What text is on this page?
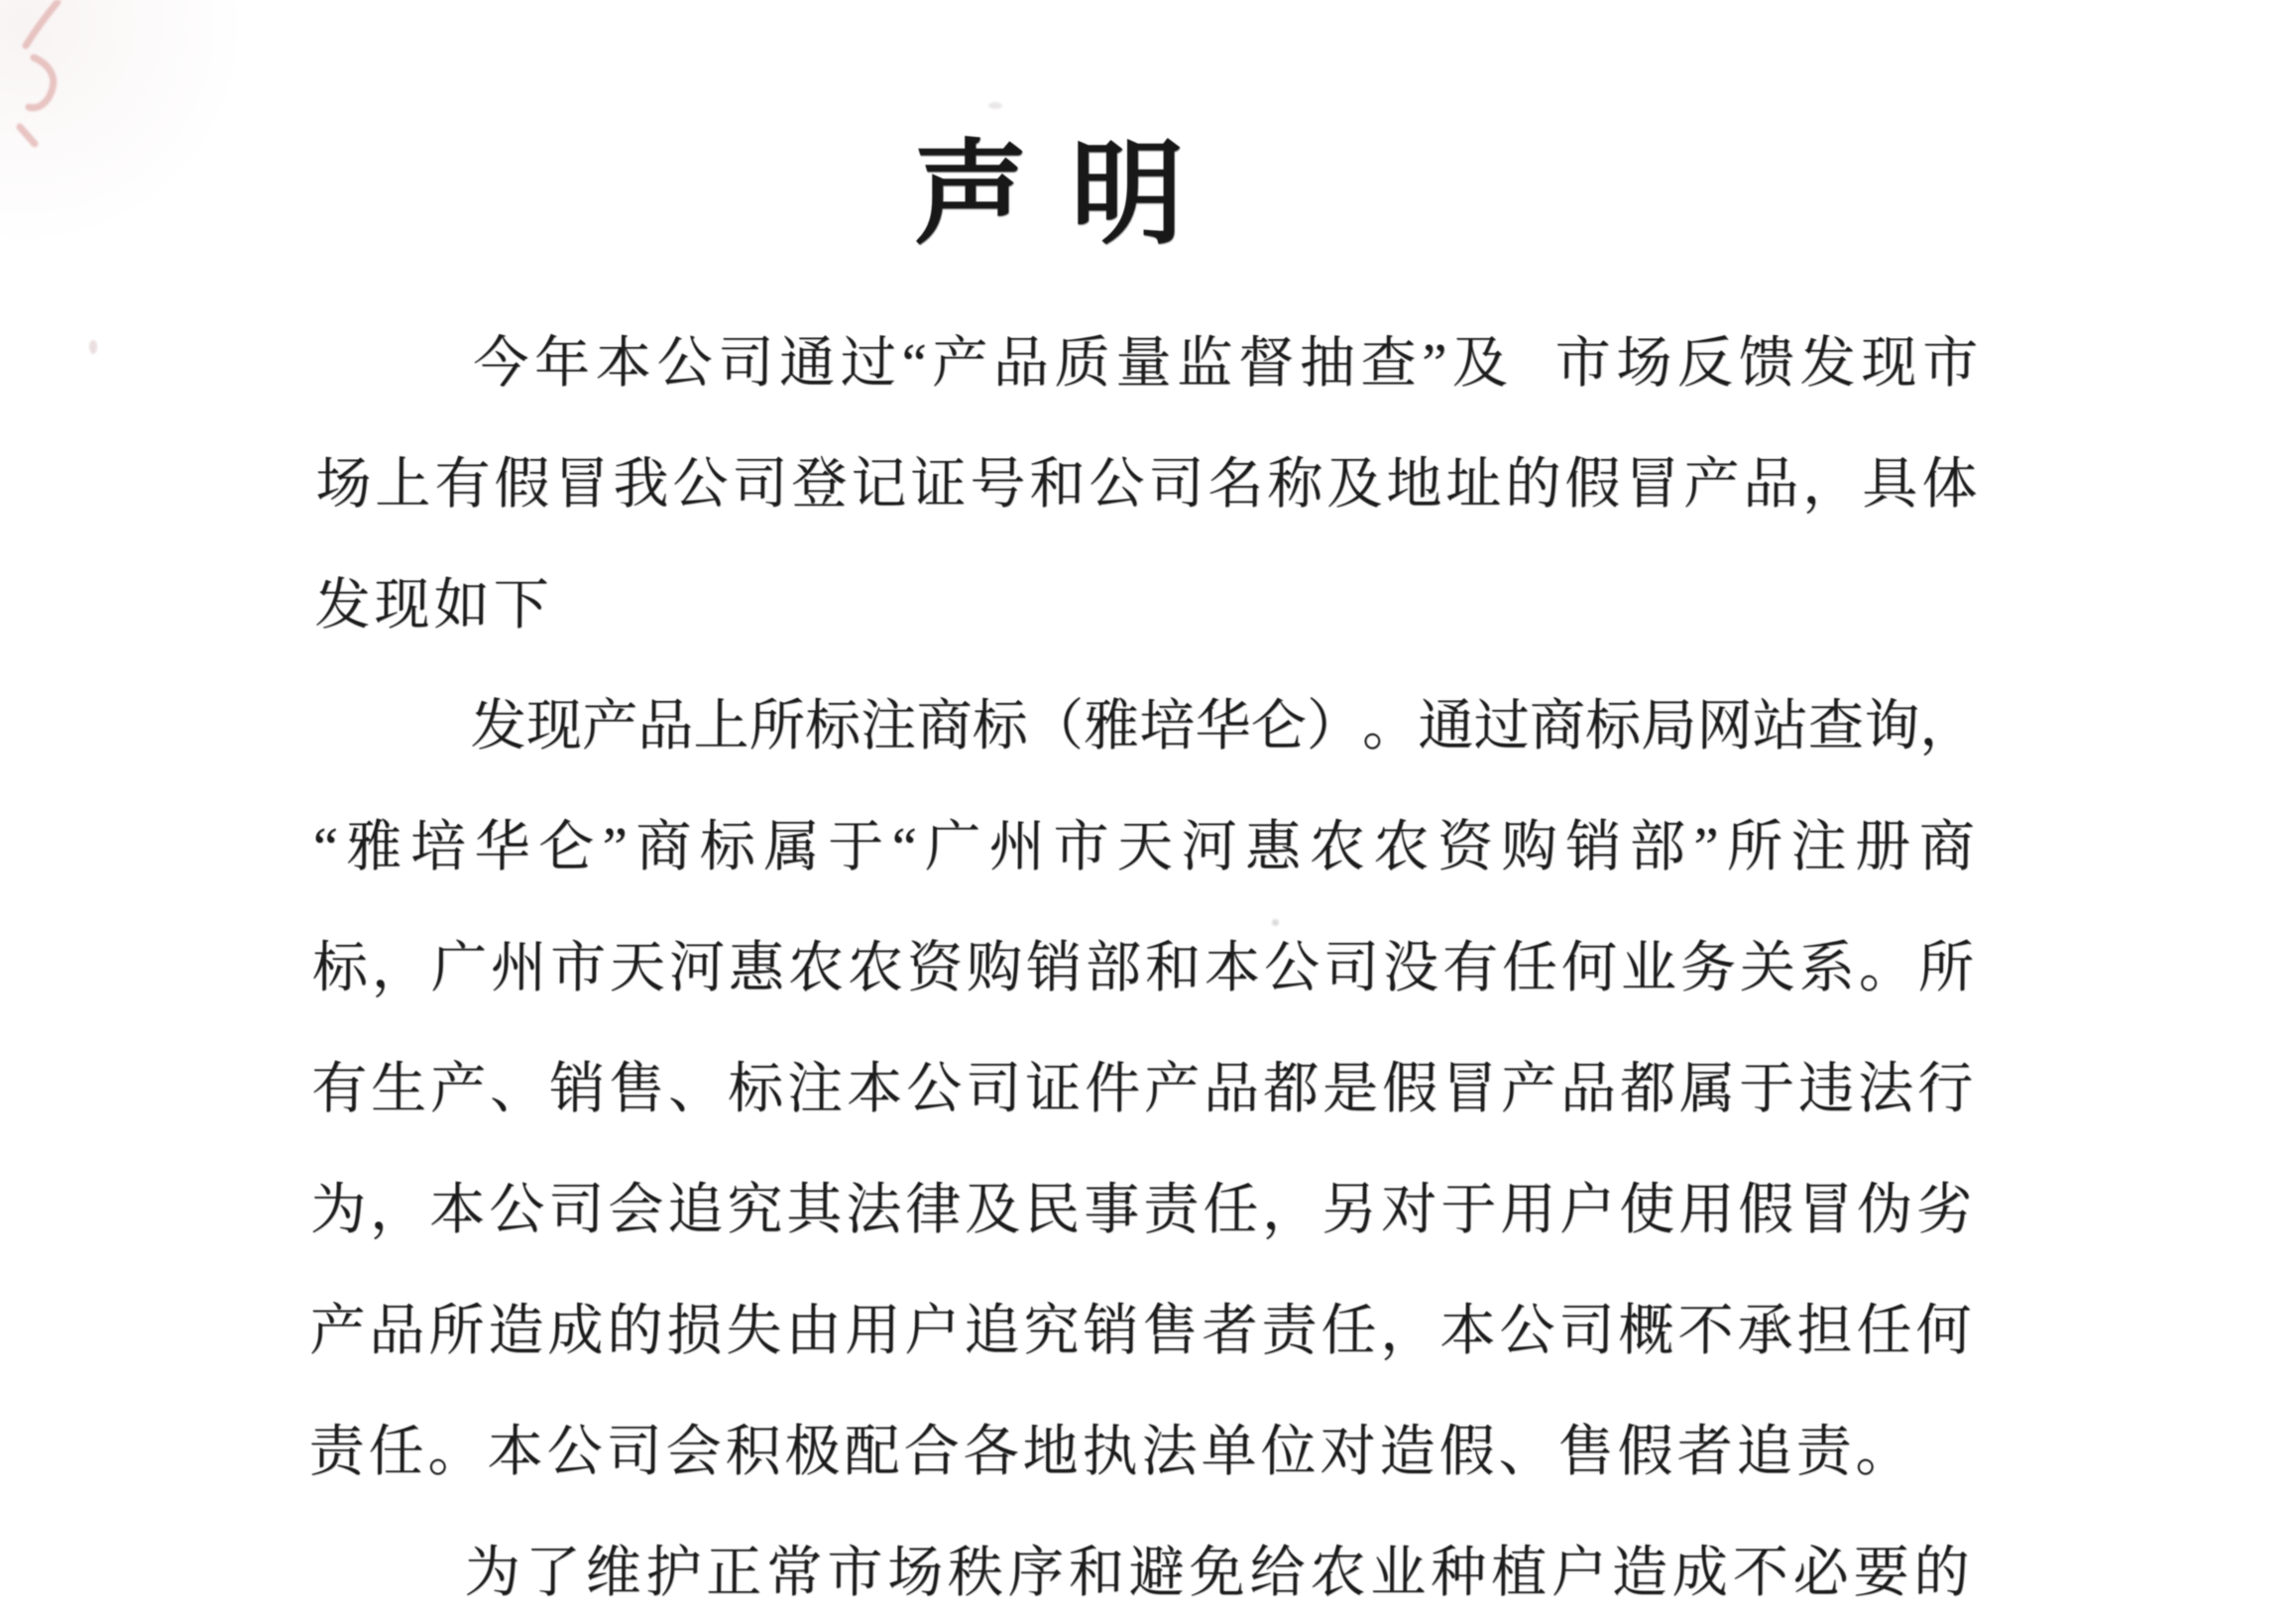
声明
今 年 本 公 司 通 过 “ 产 品 质 量 监 督 抽 查 ” 及 市 场 反 馈 发 现 市
场 上 有 假 冒 我 公 司 登 记 证 号 和 公 司 名 称 及 地 址 的 假 冒 产 品 ， 具 体
发现如下
发 现 产 品 上 所 标 注 商 标 （ 雅 培 华 仑 ） 。 通 过 商 标 局 网 站 查 询 ，
“ 雅 培 华 仑 ” 商 标 属 于 “ 广 州 市 天 河 惠 农 农 资 购 销 部 ” 所 注 册 商
标 ， 广 州 市 天 河 惠 农 农 资 购 销 部 和 本 公 司 没 有 任 何 业 务 关 系 。 所
有 生 产 、 销 售 、 标 注 本 公 司 证 件 产 品 都 是 假 冒 产 品 都 属 于 违 法 行
为 ， 本 公 司 会 追 究 其 法 律 及 民 事 责 任 ， 另 对 于 用 户 使 用 假 冒 伪 劣
产 品 所 造 成 的 损 失 由 用 户 追 究 销 售 者 责 任 ， 本 公 司 概 不 承 担 任 何
责任。本公司会积极配合各地执法单位对造假、售假者追责。
为 了 维 护 正 常 市 场 秩 序 和 避 免 给 农 业 种 植 户 造 成 不 必 要 的
